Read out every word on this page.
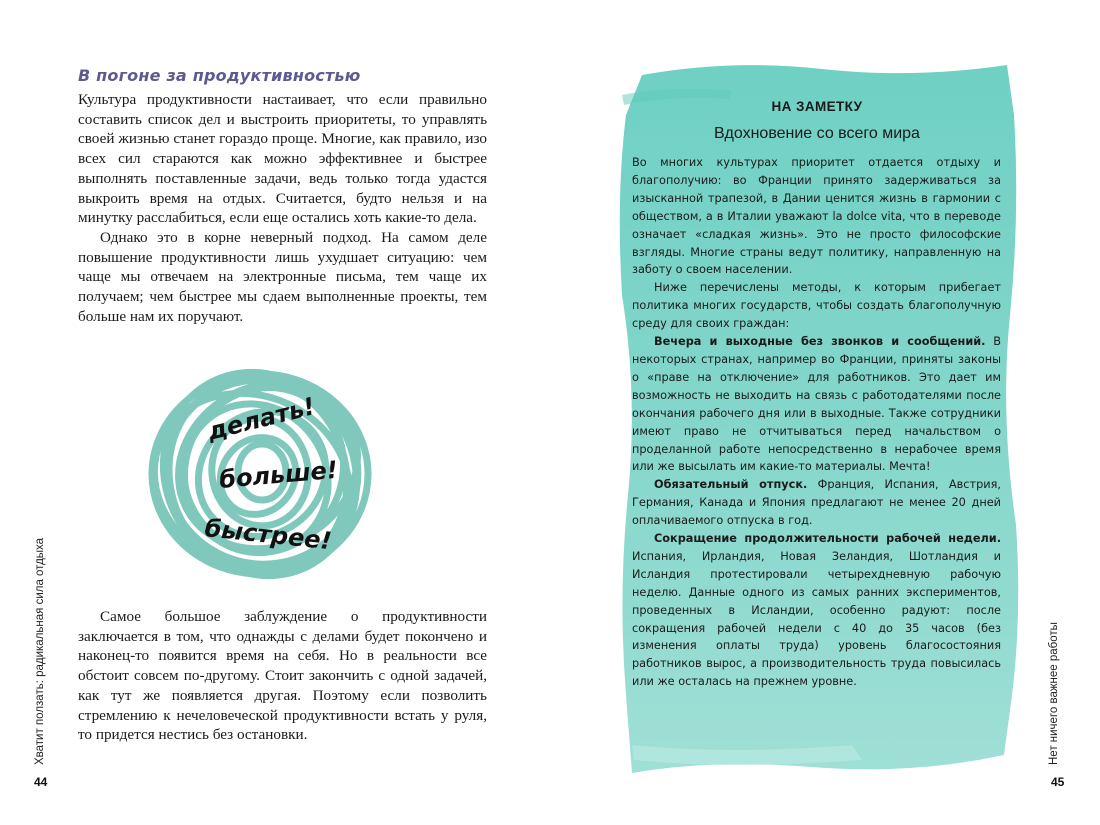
В погоне за продуктивностью

Культура продуктивности настаивает, что если правильно составить список дел и выстроить приоритеты, то управлять своей жизнью станет гораздо проще. Многие, как правило, изо всех сил стараются как можно эффективнее и быстрее выполнять поставленные задачи, ведь только тогда удастся выкроить время на отдых. Считается, будто нельзя и на минутку расслабиться, если еще остались хоть какие-то дела.

Однако это в корне неверный подход. На самом деле повышение продуктивности лишь ухудшает ситуацию: чем чаще мы отвечаем на электронные письма, тем чаще их получаем; чем быстрее мы сдаем выполненные проекты, тем больше нам их поручают.

делать!
больше!
быстрее!

Самое большое заблуждение о продуктивности заключается в том, что однажды с делами будет покончено и наконец-то появится время на себя. Но в реальности все обстоит совсем по-другому. Стоит закончить с одной задачей, как тут же появляется другая. Поэтому если позволить стремлению к нечеловеческой продуктивности встать у руля, то придется нестись без остановки.

Хватит ползать: радикальная сила отдыха
44
НА ЗАМЕТКУ
Вдохновение со всего мира

Во многих культурах приоритет отдается отдыху и благополучию: во Франции принято задерживаться за изысканной трапезой, в Дании ценится жизнь в гармонии с обществом, а в Италии уважают la dolce vita, что в переводе означает «сладкая жизнь». Это не просто философские взгляды. Многие страны ведут политику, направленную на заботу о своем населении.

Ниже перечислены методы, к которым прибегает политика многих государств, чтобы создать благополучную среду для своих граждан:

Вечера и выходные без звонков и сообщений. В некоторых странах, например во Франции, приняты законы о «праве на отключение» для работников. Это дает им возможность не выходить на связь с работодателями после окончания рабочего дня или в выходные. Также сотрудники имеют право не отчитываться перед начальством о проделанной работе непосредственно в нерабочее время или же высылать им какие-то материалы. Мечта!

Обязательный отпуск. Франция, Испания, Австрия, Германия, Канада и Япония предлагают не менее 20 дней оплачиваемого отпуска в год.

Сокращение продолжительности рабочей недели. Испания, Ирландия, Новая Зеландия, Шотландия и Исландия протестировали четырехдневную рабочую неделю. Данные одного из самых ранних экспериментов, проведенных в Исландии, особенно радуют: после сокращения рабочей недели с 40 до 35 часов (без изменения оплаты труда) уровень благосостояния работников вырос, а производительность труда повысилась или же осталась на прежнем уровне.	Нет ничего важнее работы
45
